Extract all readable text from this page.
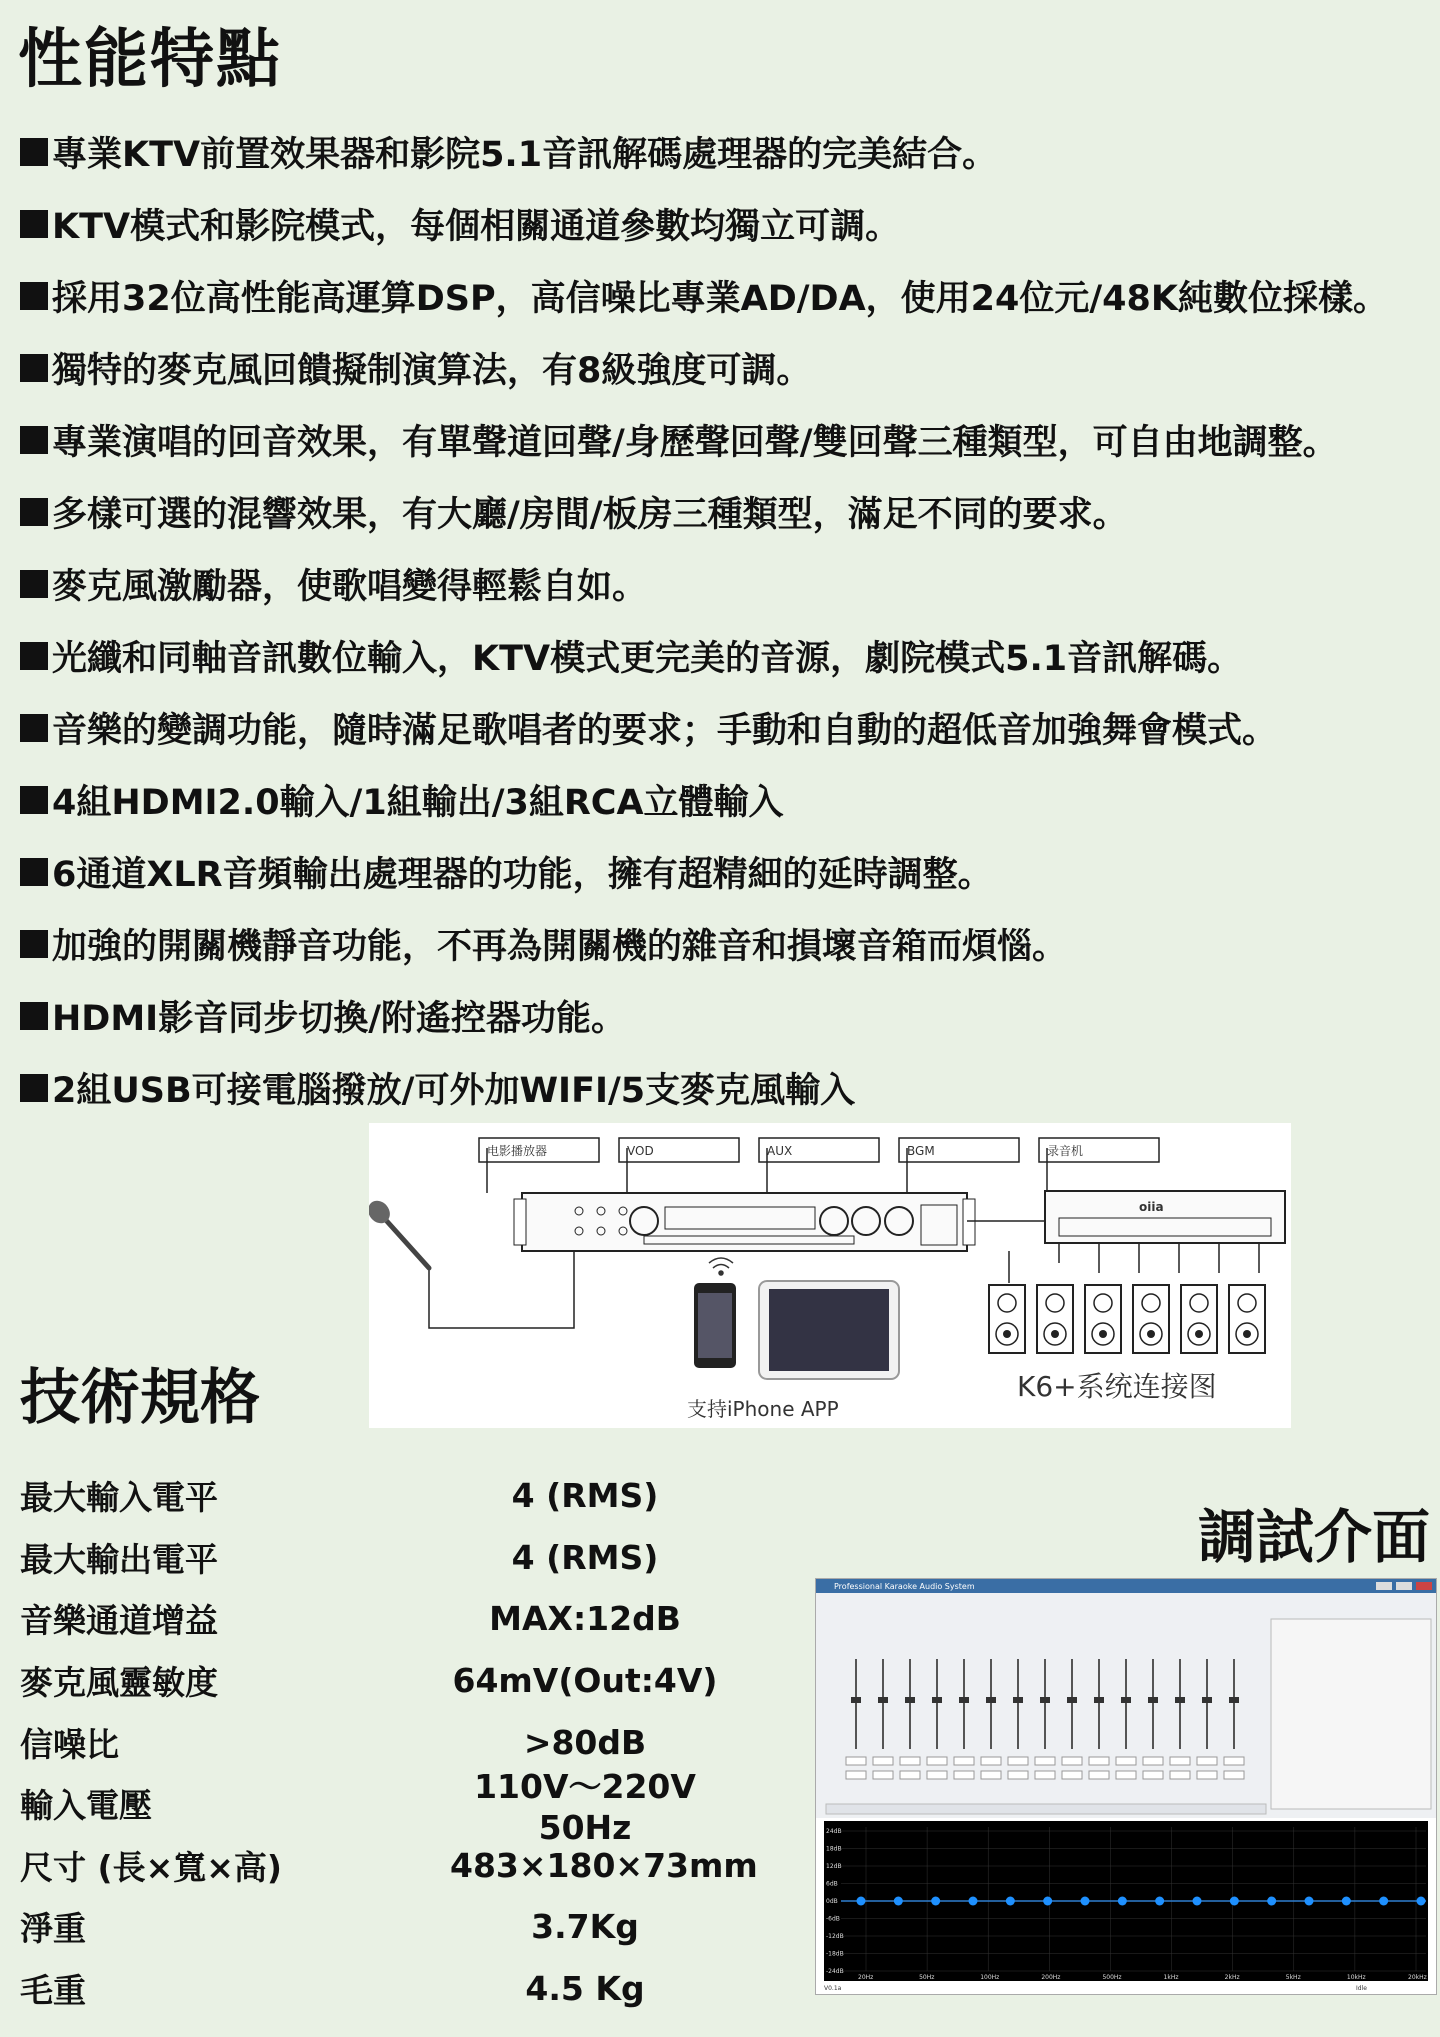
性能特點
專業KTV前置效果器和影院5.1音訊解碼處理器的完美結合。
KTV模式和影院模式，每個相關通道參數均獨立可調。
採用32位高性能高運算DSP，高信噪比專業AD/DA，使用24位元/48K純數位採樣。
獨特的麥克風回饋擬制演算法，有8級強度可調。
專業演唱的回音效果，有單聲道回聲/身歷聲回聲/雙回聲三種類型，可自由地調整。
多樣可選的混響效果，有大廳/房間/板房三種類型，滿足不同的要求。
麥克風激勵器，使歌唱變得輕鬆自如。
光纖和同軸音訊數位輸入，KTV模式更完美的音源，劇院模式5.1音訊解碼。
音樂的變調功能，隨時滿足歌唱者的要求；手動和自動的超低音加強舞會模式。
4組HDMI2.0輸入/1組輸出/3組RCA立體輸入
6通道XLR音頻輸出處理器的功能，擁有超精細的延時調整。
加強的開關機靜音功能，不再為開關機的雜音和損壞音箱而煩惱。
HDMI影音同步切換/附遙控器功能。
2組USB可接電腦撥放/可外加WIFI/5支麥克風輸入
电影播放器	VOD	AUX	BGM	录音机
oiia
支持iPhone APP
K6+系统连接图
技術規格
最大輸入電平	4 (RMS)
最大輸出電平	4 (RMS)
音樂通道增益	MAX:12dB
麥克風靈敏度	64mV(Out:4V)
信噪比	>80dB
輸入電壓	110V～220V 50Hz
尺寸 (長×寬×高)	483×180×73mm
淨重	3.7Kg
毛重	4.5 Kg
調試介面
Professional Karaoke Audio System
24dB
18dB
12dB
6dB
0dB
-6dB
-12dB
-18dB
-24dB
20Hz	50Hz	100Hz	200Hz	500Hz	1kHz	2kHz	5kHz	10kHz	20kHz
V0.1a	Idle
